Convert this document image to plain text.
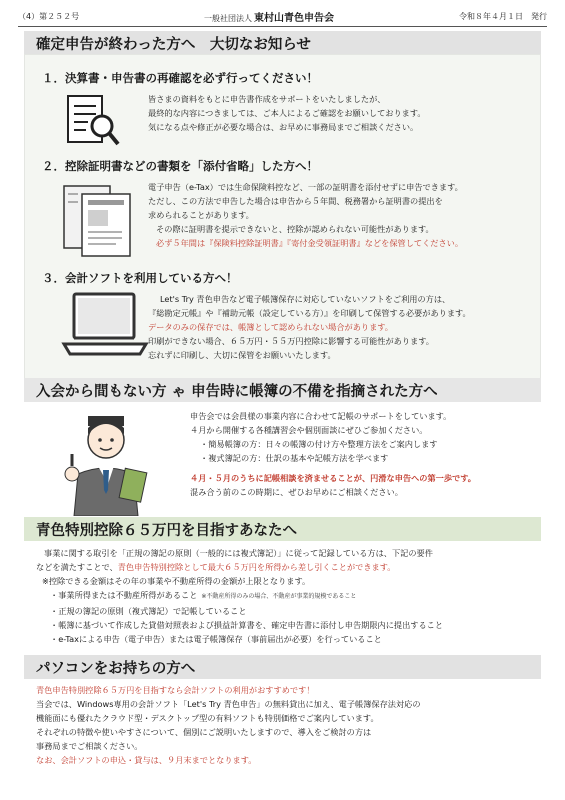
（4）第２５２号	一般社団法人 東村山青色申告会	令和８年４月１日　発行
確定申告が終わった方へ　大切なお知らせ
１．決算書・申告書の再確認を必ず行ってください！

皆さまの資料をもとに申告書作成をサポートをいたしましたが、

最終的な内容につきましては、ご本人によるご確認をお願いしております。

気になる点や修正が必要な場合は、お早めに事務局までご相談ください。

２．控除証明書などの書類を「添付省略」した方へ！

電子申告（e-Tax）では生命保険料控など、一部の証明書を添付せずに申告できます。

ただし、この方法で申告した場合は申告から５年間、税務署から証明書の提出を

求められることがあります。

その際に証明書を提示できないと、控除が認められない可能性があります。

必ず５年間は『保険料控除証明書』『寄付金受領証明書』などを保管してください。

３．会計ソフトを利用している方へ！

Let's Try 青色申告など電子帳簿保存に対応していないソフトをご利用の方は、

『総勘定元帳』や『補助元帳（設定している方）』を印刷して保管する必要があります。

データのみの保存では、帳簿として認められない場合があります。

印刷ができない場合、６５万円・５５万円控除に影響する可能性があります。

忘れずに印刷し、大切に保管をお願いいたします。

入会から間もない方 ゃ 申告時に帳簿の不備を指摘された方へ

申告会では会員様の事業内容に合わせて記帳のサポートをしています。

４月から開催する各種講習会や個別面談にぜひご参加ください。

・簡易帳簿の方：日々の帳簿の付け方や整理方法をご案内します

・複式簿記の方：仕訳の基本や記帳方法を学べます

４月・５月のうちに記帳相談を済ませることが、円滑な申告への第一歩です。

混み合う前のこの時期に、ぜひお早めにご相談ください。

青色特別控除６５万円を目指すあなたへ

事業に関する取引を「正規の簿記の原則（一般的には複式簿記）」に従って記録している方は、下記の要件

などを満たすことで、青色申告特別控除として最大６５万円を所得から差し引くことができます。

※控除できる金額はその年の事業や不動産所得の金額が上限となります。

・事業所得または不動産所得があること ※不動産所得のみの場合、不動産が事業的規模であること

・正規の簿記の原則（複式簿記）で記帳していること

・帳簿に基づいて作成した貸借対照表および損益計算書を、確定申告書に添付し申告期限内に提出すること

・e-Taxによる申告（電子申告）または電子帳簿保存（事前届出が必要）を行っていること

パソコンをお持ちの方へ

青色申告特別控除６５万円を目指すなら会計ソフトの利用がおすすめです！

当会では、Windows専用の会計ソフト「Let's Try 青色申告」の無料貸出に加え、電子帳簿保存法対応の

機能面にも優れたクラウド型・デスクトップ型の有料ソフトも特別価格でご案内しています。

それぞれの特徴や使いやすさについて、個別にご説明いたしますので、導入をご検討の方は

事務局までご相談ください。

なお、会計ソフトの申込・貸与は、９月末までとなります。
